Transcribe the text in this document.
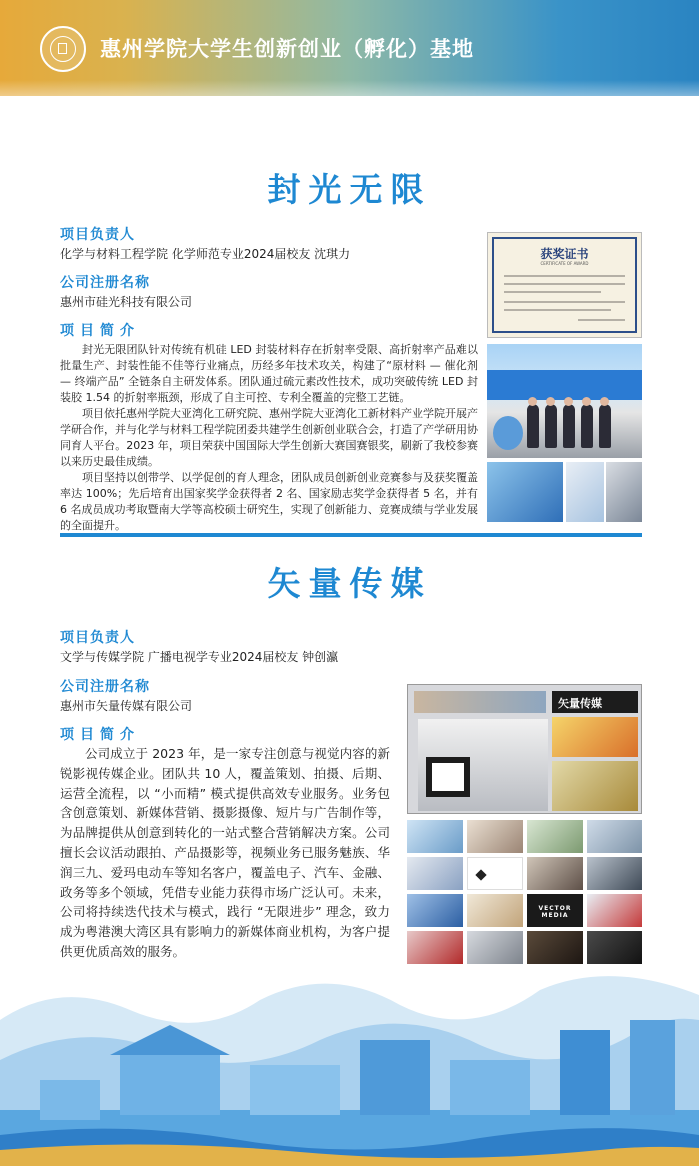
惠州学院大学生创新创业（孵化）基地
封光无限
项目负责人
化学与材料工程学院 化学师范专业2024届校友 沈琪力
公司注册名称
惠州市硅光科技有限公司
项目简介

封光无限团队针对传统有机硅 LED 封装材料存在折射率受限、高折射率产品难以批量生产、封装性能不佳等行业痛点，历经多年技术攻关，构建了“原材料 — 催化剂 — 终端产品” 全链条自主研发体系。团队通过硫元素改性技术，成功突破传统 LED 封装胶 1.54 的折射率瓶颈，形成了自主可控、专利全覆盖的完整工艺链。

项目依托惠州学院大亚湾化工研究院、惠州学院大亚湾化工新材料产业学院开展产学研合作，并与化学与材料工程学院团委共建学生创新创业联合会，打造了产学研用协同育人平台。2023 年，项目荣获中国国际大学生创新大赛国赛银奖，刷新了我校参赛以来历史最佳成绩。

项目坚持以创带学、以学促创的育人理念，团队成员创新创业竞赛参与及获奖覆盖率达 100%；先后培育出国家奖学金获得者 2 名、国家励志奖学金获得者 5 名，并有6 名成员成功考取暨南大学等高校硕士研究生，实现了创新能力、竞赛成绩与学业发展的全面提升。

获奖证书
CERTIFICATE OF AWARD
矢量传媒
项目负责人
文学与传媒学院 广播电视学专业2024届校友 钟创瀛
公司注册名称
惠州市矢量传媒有限公司
项目简介

公司成立于 2023 年，是一家专注创意与视觉内容的新锐影视传媒企业。团队共 10 人，覆盖策划、拍摄、后期、运营全流程，以 “小而精” 模式提供高效专业服务。业务包含创意策划、新媒体营销、摄影摄像、短片与广告制作等，为品牌提供从创意到转化的一站式整合营销解决方案。公司擅长会议活动跟拍、产品摄影等，视频业务已服务魅族、华润三九、爱玛电动车等知名客户，覆盖电子、汽车、金融、政务等多个领域，凭借专业能力获得市场广泛认可。未来，公司将持续迭代技术与模式，践行 “无限进步” 理念，致力成为粤港澳大湾区具有影响力的新媒体商业机构，为客户提供更优质高效的服务。

矢量传媒
VECTOR MEDIA
